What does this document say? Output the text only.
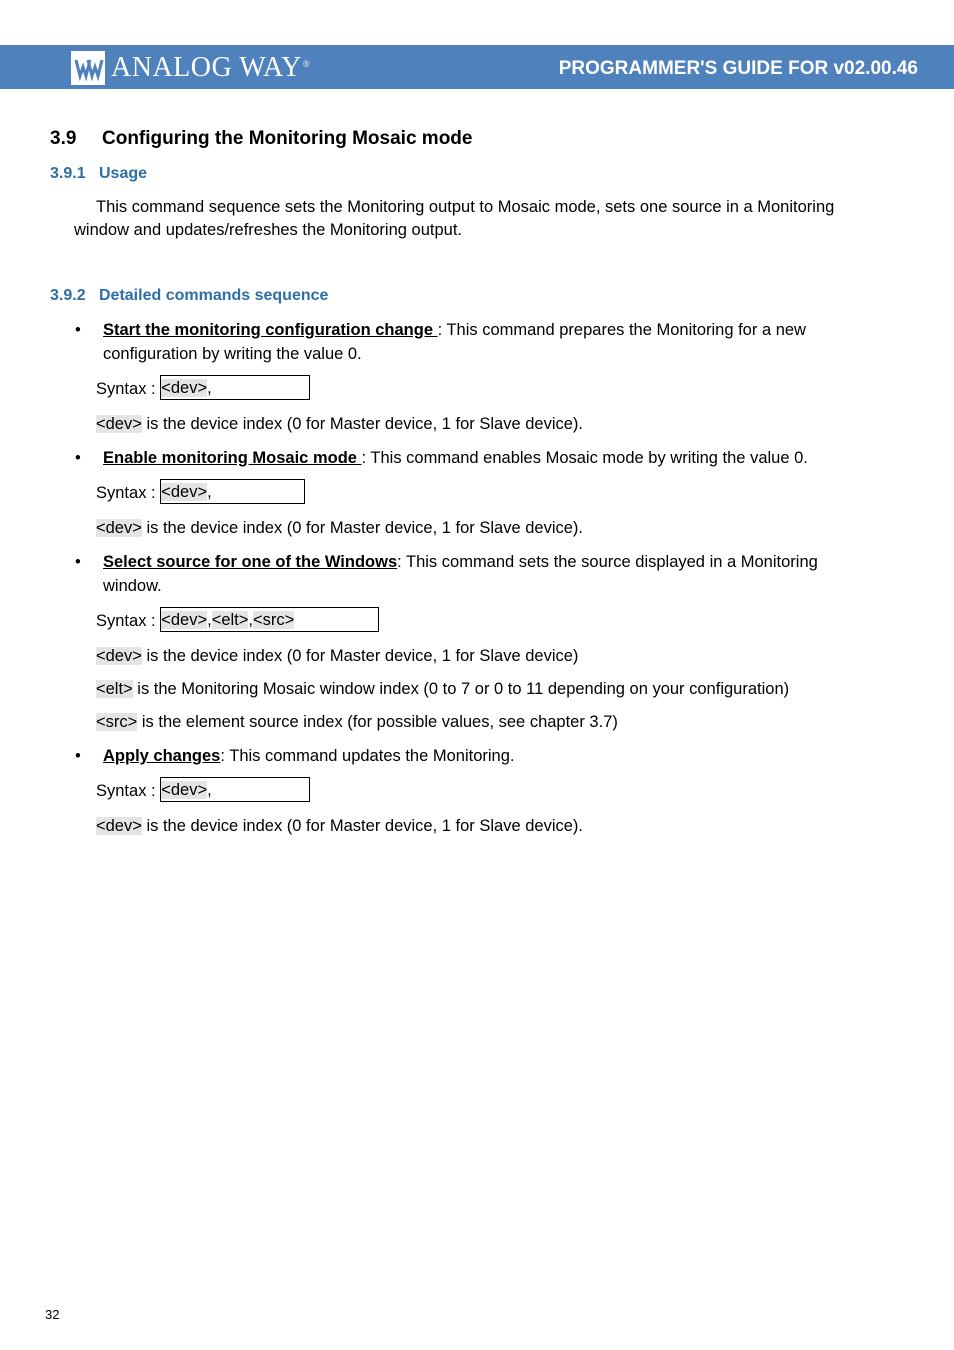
ANALOG WAY®	PROGRAMMER'S GUIDE FOR v02.00.46
3.9 Configuring the Monitoring Mosaic mode
3.9.1 Usage
This command sequence sets the Monitoring output to Mosaic mode, sets one source in a Monitoring
window and updates/refreshes the Monitoring output.
3.9.2 Detailed commands sequence
• Start the monitoring configuration change : This command prepares the Monitoring for a new
configuration by writing the value 0.
Syntax : <dev>,
<dev> is the device index (0 for Master device, 1 for Slave device).
• Enable monitoring Mosaic mode : This command enables Mosaic mode by writing the value 0.
Syntax : <dev>,
<dev> is the device index (0 for Master device, 1 for Slave device).
• Select source for one of the Windows: This command sets the source displayed in a Monitoring
window.
Syntax : <dev>,<elt>,<src>
<dev> is the device index (0 for Master device, 1 for Slave device)
<elt> is the Monitoring Mosaic window index (0 to 7 or 0 to 11 depending on your configuration)
<src> is the element source index (for possible values, see chapter 3.7)
• Apply changes: This command updates the Monitoring.
Syntax : <dev>,
<dev> is the device index (0 for Master device, 1 for Slave device).
32
